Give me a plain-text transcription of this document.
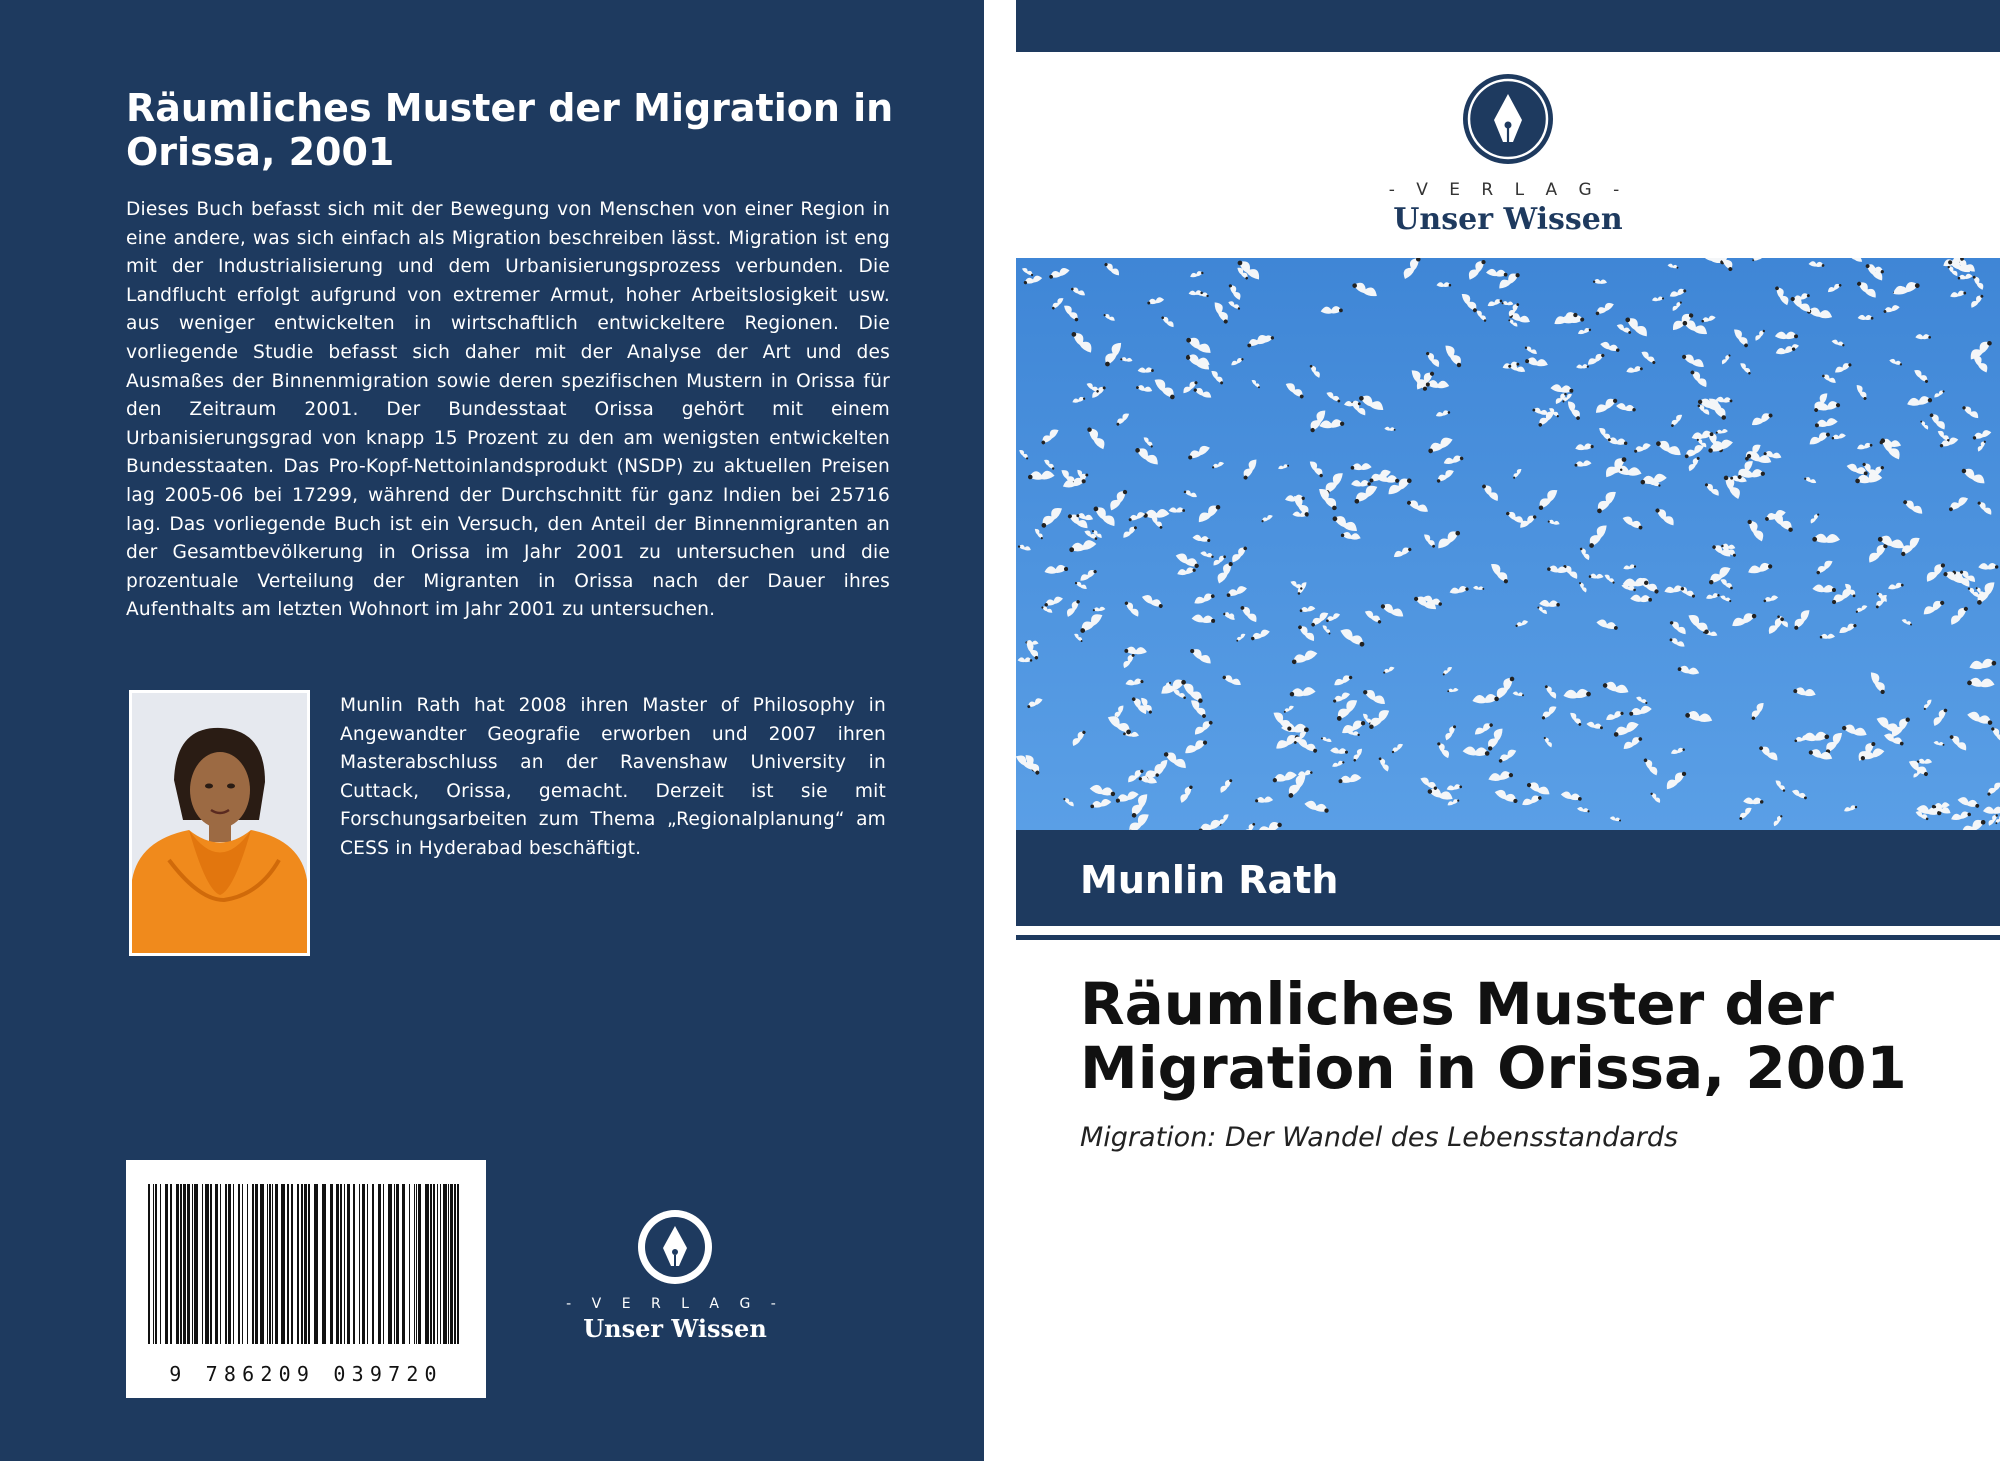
Räumliches Muster der Migration in Orissa, 2001
Dieses Buch befasst sich mit der Bewegung von Menschen von einer Region in eine andere, was sich einfach als Migration beschreiben lässt. Migration ist eng mit der Industrialisierung und dem Urbanisierungsprozess verbunden. Die Landflucht erfolgt aufgrund von extremer Armut, hoher Arbeitslosigkeit usw. aus weniger entwickelten in wirtschaftlich entwickeltere Regionen. Die vorliegende Studie befasst sich daher mit der Analyse der Art und des Ausmaßes der Binnenmigration sowie deren spezifischen Mustern in Orissa für den Zeitraum 2001. Der Bundesstaat Orissa gehört mit einem Urbanisierungsgrad von knapp 15 Prozent zu den am wenigsten entwickelten Bundesstaaten. Das Pro-Kopf-Nettoinlandsprodukt (NSDP) zu aktuellen Preisen lag 2005-06 bei 17299, während der Durchschnitt für ganz Indien bei 25716 lag. Das vorliegende Buch ist ein Versuch, den Anteil der Binnenmigranten an der Gesamtbevölkerung in Orissa im Jahr 2001 zu untersuchen und die prozentuale Verteilung der Migranten in Orissa nach der Dauer ihres Aufenthalts am letzten Wohnort im Jahr 2001 zu untersuchen.
Munlin Rath hat 2008 ihren Master of Philosophy in Angewandter Geografie erworben und 2007 ihren Masterabschluss an der Ravenshaw University in Cuttack, Orissa, gemacht. Derzeit ist sie mit Forschungsarbeiten zum Thema „Regionalplanung“ am CESS in Hyderabad beschäftigt.
9 786209 039720
- V E R L A G -
Unser Wissen
- V E R L A G -
Unser Wissen
Munlin Rath
Räumliches Muster der Migration in Orissa, 2001
Migration: Der Wandel des Lebensstandards
